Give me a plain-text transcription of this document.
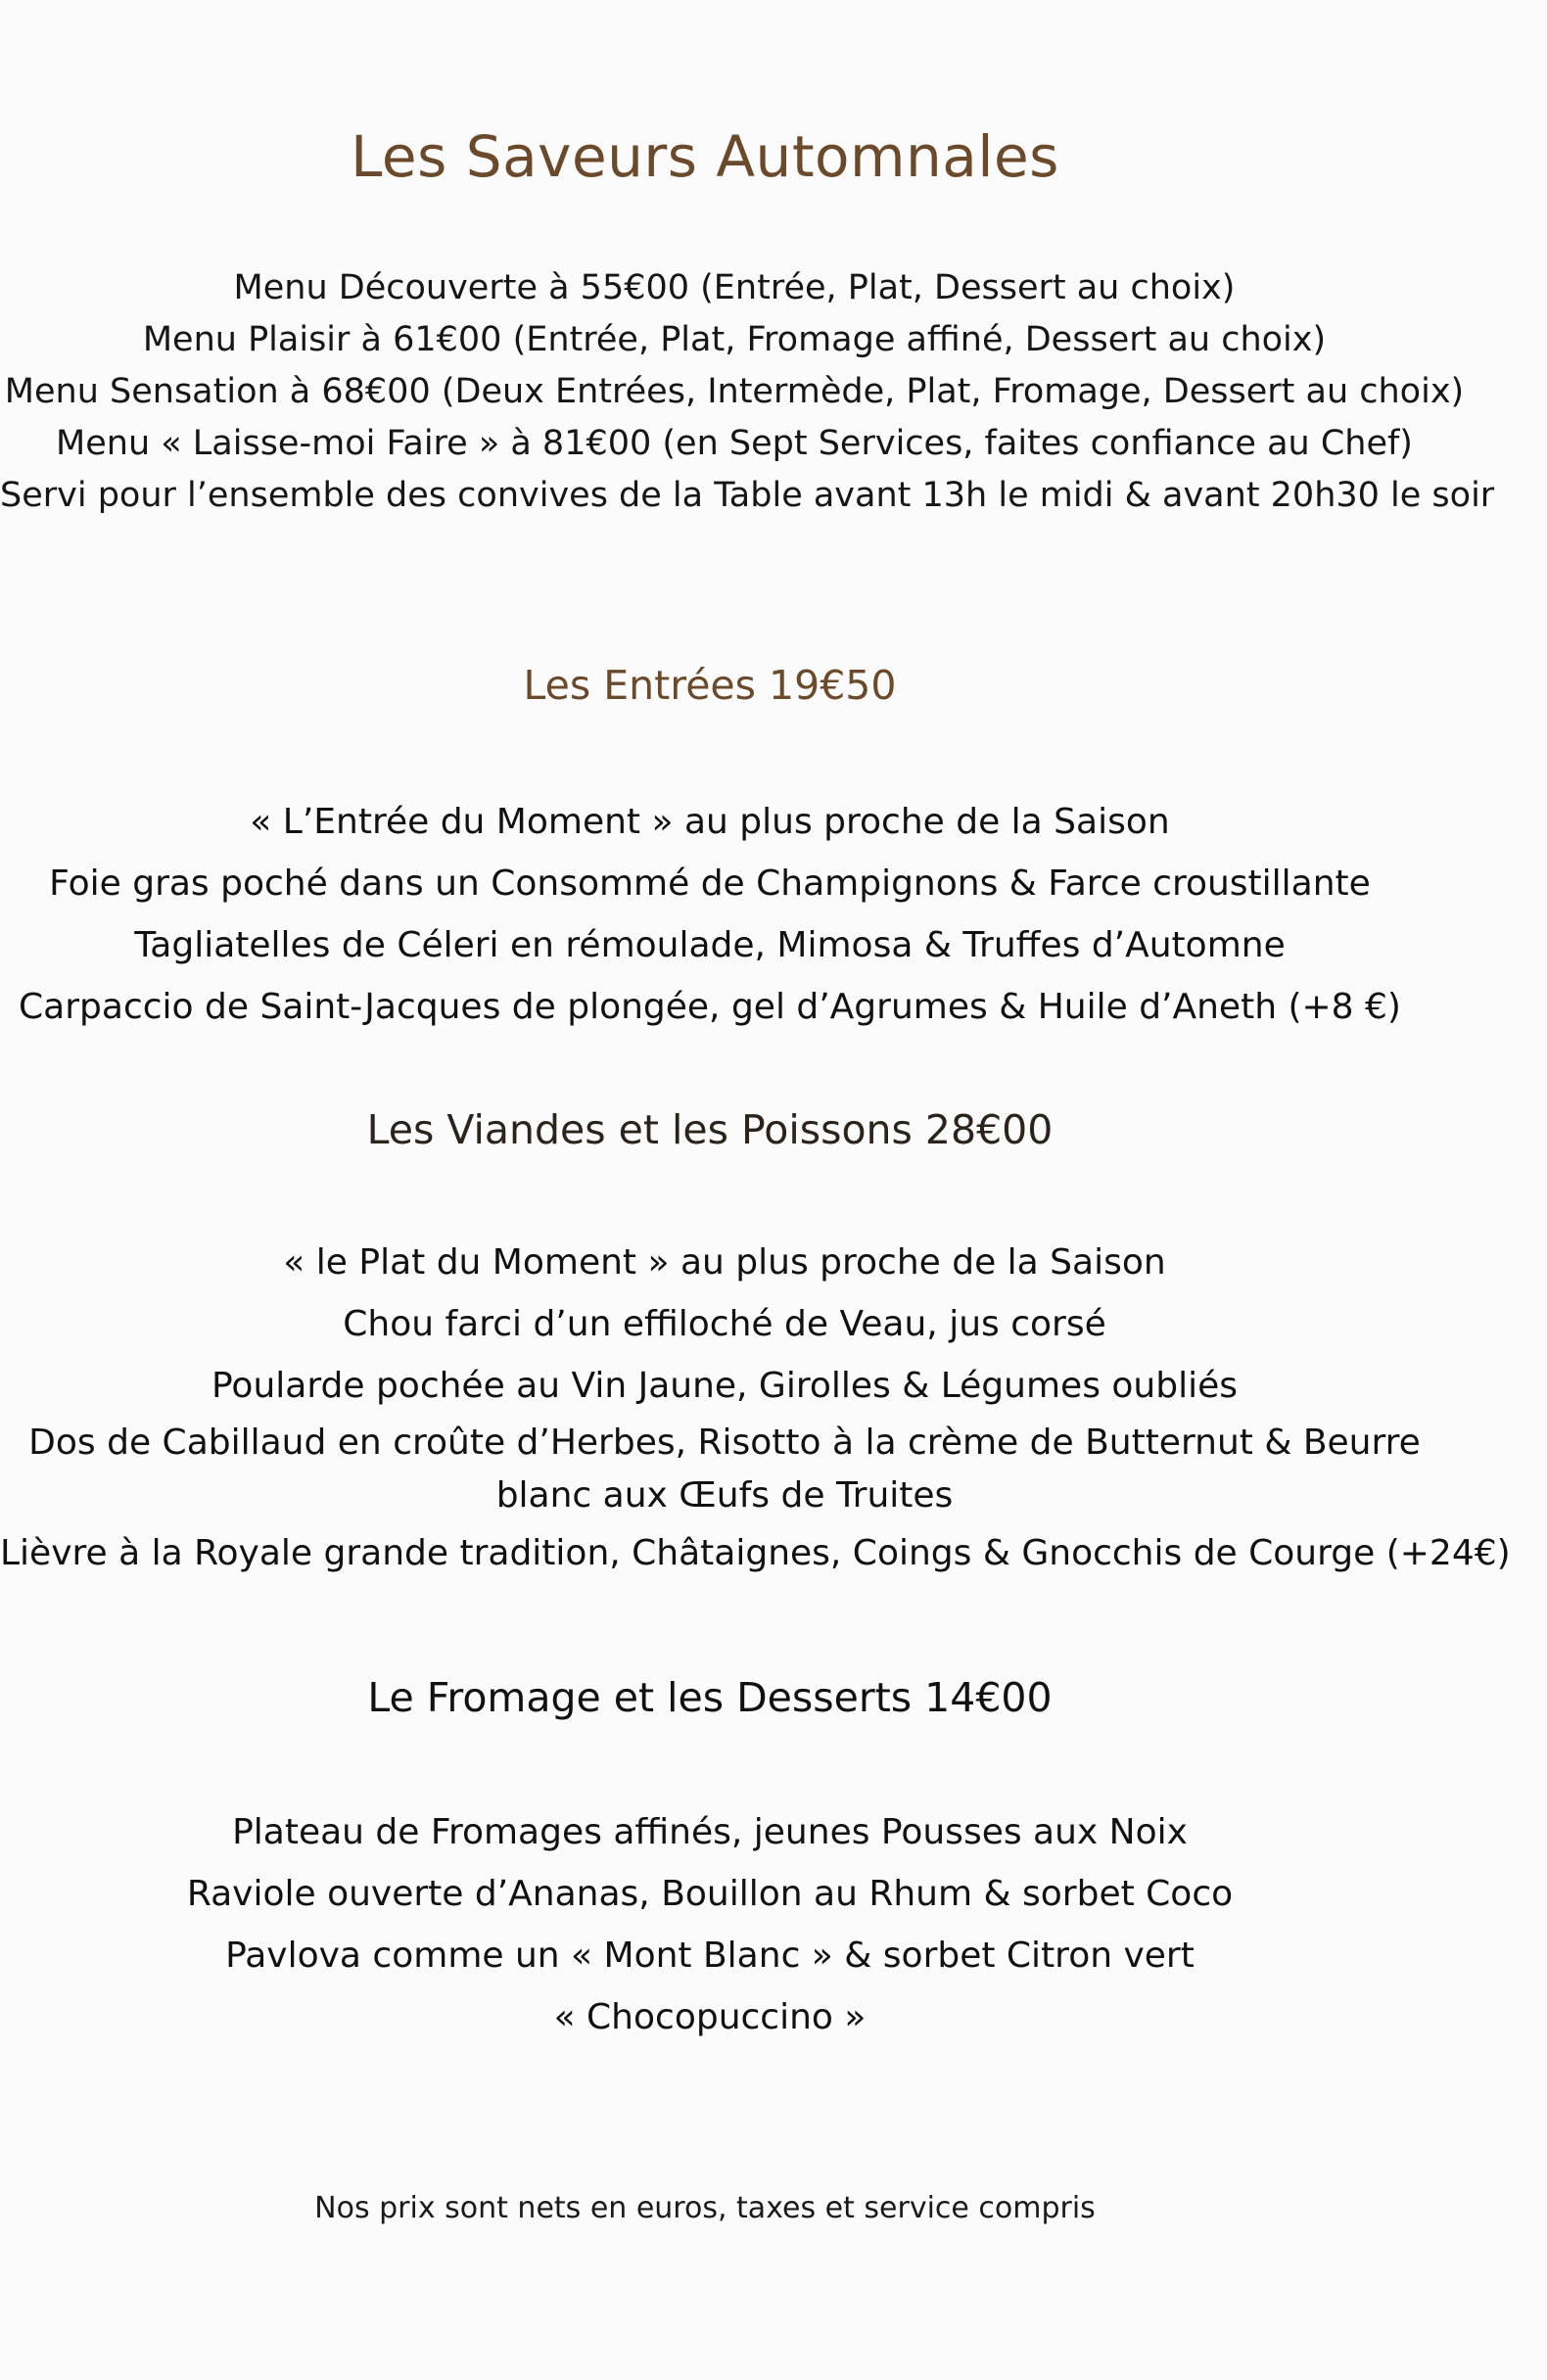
Les Saveurs Automnales
Menu Découverte à 55€00 (Entrée, Plat, Dessert au choix)
Menu Plaisir à 61€00 (Entrée, Plat, Fromage affiné, Dessert au choix)
Menu Sensation à 68€00 (Deux Entrées, Intermède, Plat, Fromage, Dessert au choix)
Menu « Laisse-moi Faire » à 81€00 (en Sept Services, faites confiance au Chef)
Servi pour l’ensemble des convives de la Table avant 13h le midi & avant 20h30 le soir
Les Entrées 19€50
« L’Entrée du Moment » au plus proche de la Saison
Foie gras poché dans un Consommé de Champignons & Farce croustillante
Tagliatelles de Céleri en rémoulade, Mimosa & Truffes d’Automne
Carpaccio de Saint-Jacques de plongée, gel d’Agrumes & Huile d’Aneth (+8 €)
Les Viandes et les Poissons 28€00
« le Plat du Moment » au plus proche de la Saison
Chou farci d’un effiloché de Veau, jus corsé
Poularde pochée au Vin Jaune, Girolles & Légumes oubliés
Dos de Cabillaud en croûte d’Herbes, Risotto à la crème de Butternut & Beurre blanc aux Œufs de Truites
Lièvre à la Royale grande tradition, Châtaignes, Coings & Gnocchis de Courge (+24€)
Le Fromage et les Desserts 14€00
Plateau de Fromages affinés, jeunes Pousses aux Noix
Raviole ouverte d’Ananas, Bouillon au Rhum & sorbet Coco
Pavlova comme un « Mont Blanc » & sorbet Citron vert
« Chocopuccino »
Nos prix sont nets en euros, taxes et service compris
